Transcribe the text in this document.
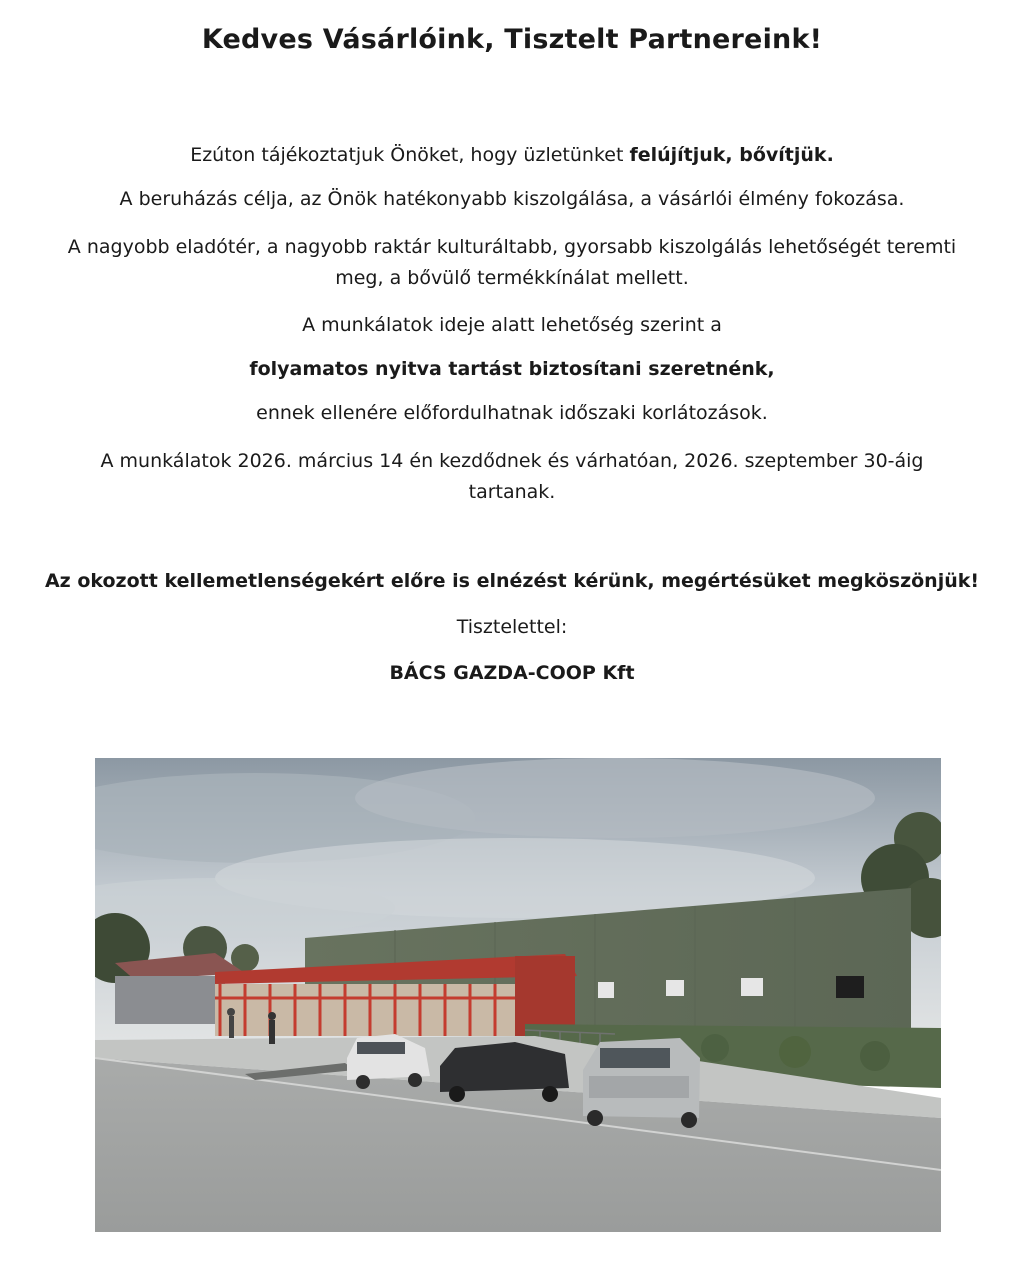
Kedves Vásárlóink, Tisztelt Partnereink!
Ezúton tájékoztatjuk Önöket, hogy üzletünket felújítjuk, bővítjük.
A beruházás célja, az Önök hatékonyabb kiszolgálása, a vásárlói élmény fokozása.
A nagyobb eladótér, a nagyobb raktár kulturáltabb, gyorsabb kiszolgálás lehetőségét teremti
meg, a bővülő termékkínálat mellett.
A munkálatok ideje alatt lehetőség szerint a
folyamatos nyitva tartást biztosítani szeretnénk,
ennek ellenére előfordulhatnak időszaki korlátozások.
A munkálatok 2026. március 14 én kezdődnek és várhatóan, 2026. szeptember 30-áig
tartanak.
Az okozott kellemetlenségekért előre is elnézést kérünk, megértésüket megköszönjük!
Tisztelettel:
BÁCS GAZDA-COOP Kft
